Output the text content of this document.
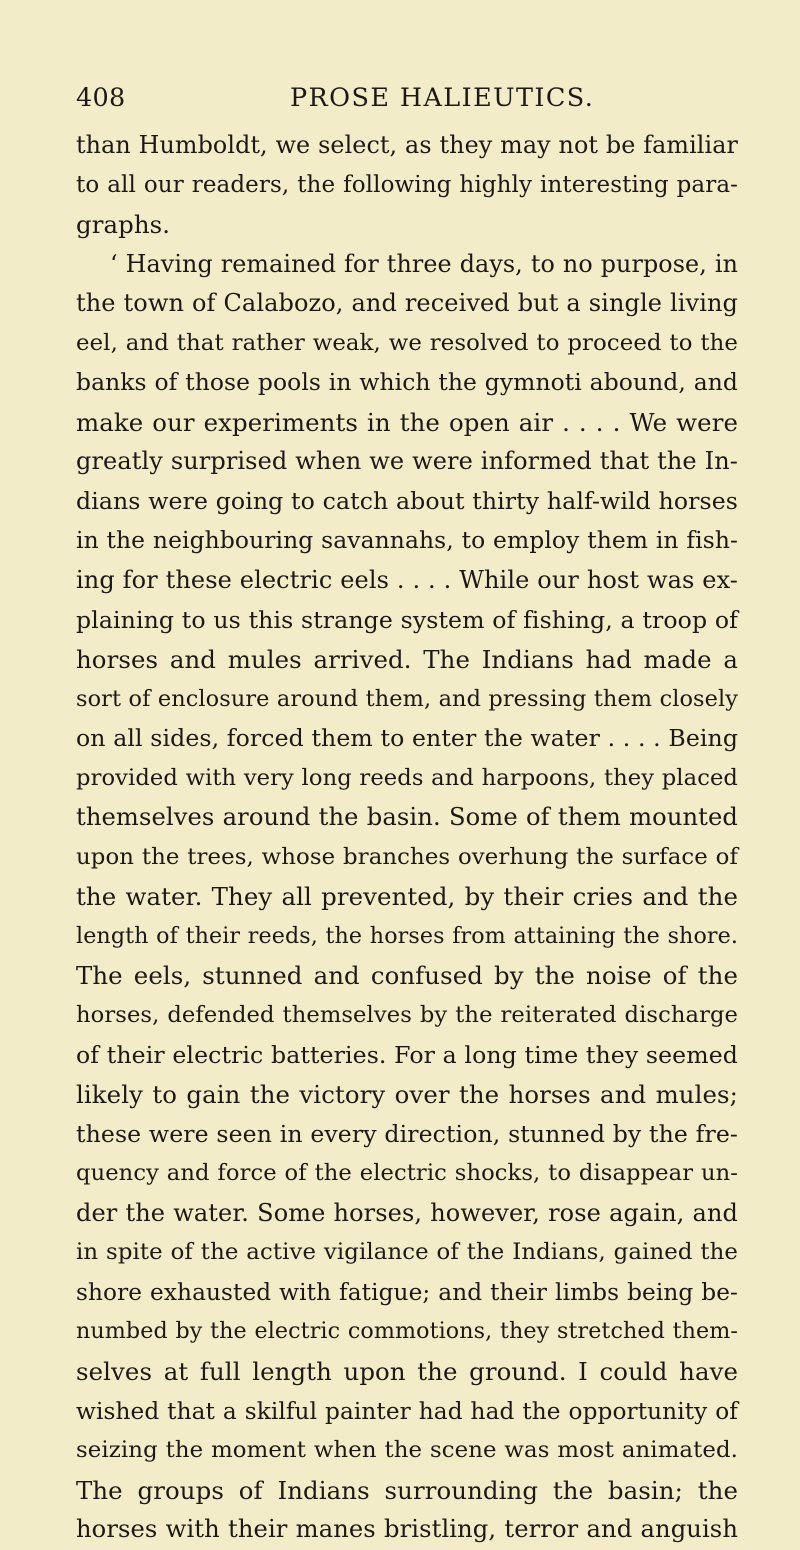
408	PROSE HALIEUTICS.
than Humboldt, we select, as they may not be familiar
to all our readers, the following highly interesting para-
graphs.
‘ Having remained for three days, to no purpose, in
the town of Calabozo, and received but a single living
eel, and that rather weak, we resolved to proceed to the
banks of those pools in which the gymnoti abound, and
make our experiments in the open air . . . . We were
greatly surprised when we were informed that the In-
dians were going to catch about thirty half-wild horses
in the neighbouring savannahs, to employ them in fish-
ing for these electric eels . . . . While our host was ex-
plaining to us this strange system of fishing, a troop of
horses and mules arrived. The Indians had made a
sort of enclosure around them, and pressing them closely
on all sides, forced them to enter the water . . . . Being
provided with very long reeds and harpoons, they placed
themselves around the basin. Some of them mounted
upon the trees, whose branches overhung the surface of
the water. They all prevented, by their cries and the
length of their reeds, the horses from attaining the shore.
The eels, stunned and confused by the noise of the
horses, defended themselves by the reiterated discharge
of their electric batteries. For a long time they seemed
likely to gain the victory over the horses and mules;
these were seen in every direction, stunned by the fre-
quency and force of the electric shocks, to disappear un-
der the water. Some horses, however, rose again, and
in spite of the active vigilance of the Indians, gained the
shore exhausted with fatigue; and their limbs being be-
numbed by the electric commotions, they stretched them-
selves at full length upon the ground. I could have
wished that a skilful painter had had the opportunity of
seizing the moment when the scene was most animated.
The groups of Indians surrounding the basin; the
horses with their manes bristling, terror and anguish
